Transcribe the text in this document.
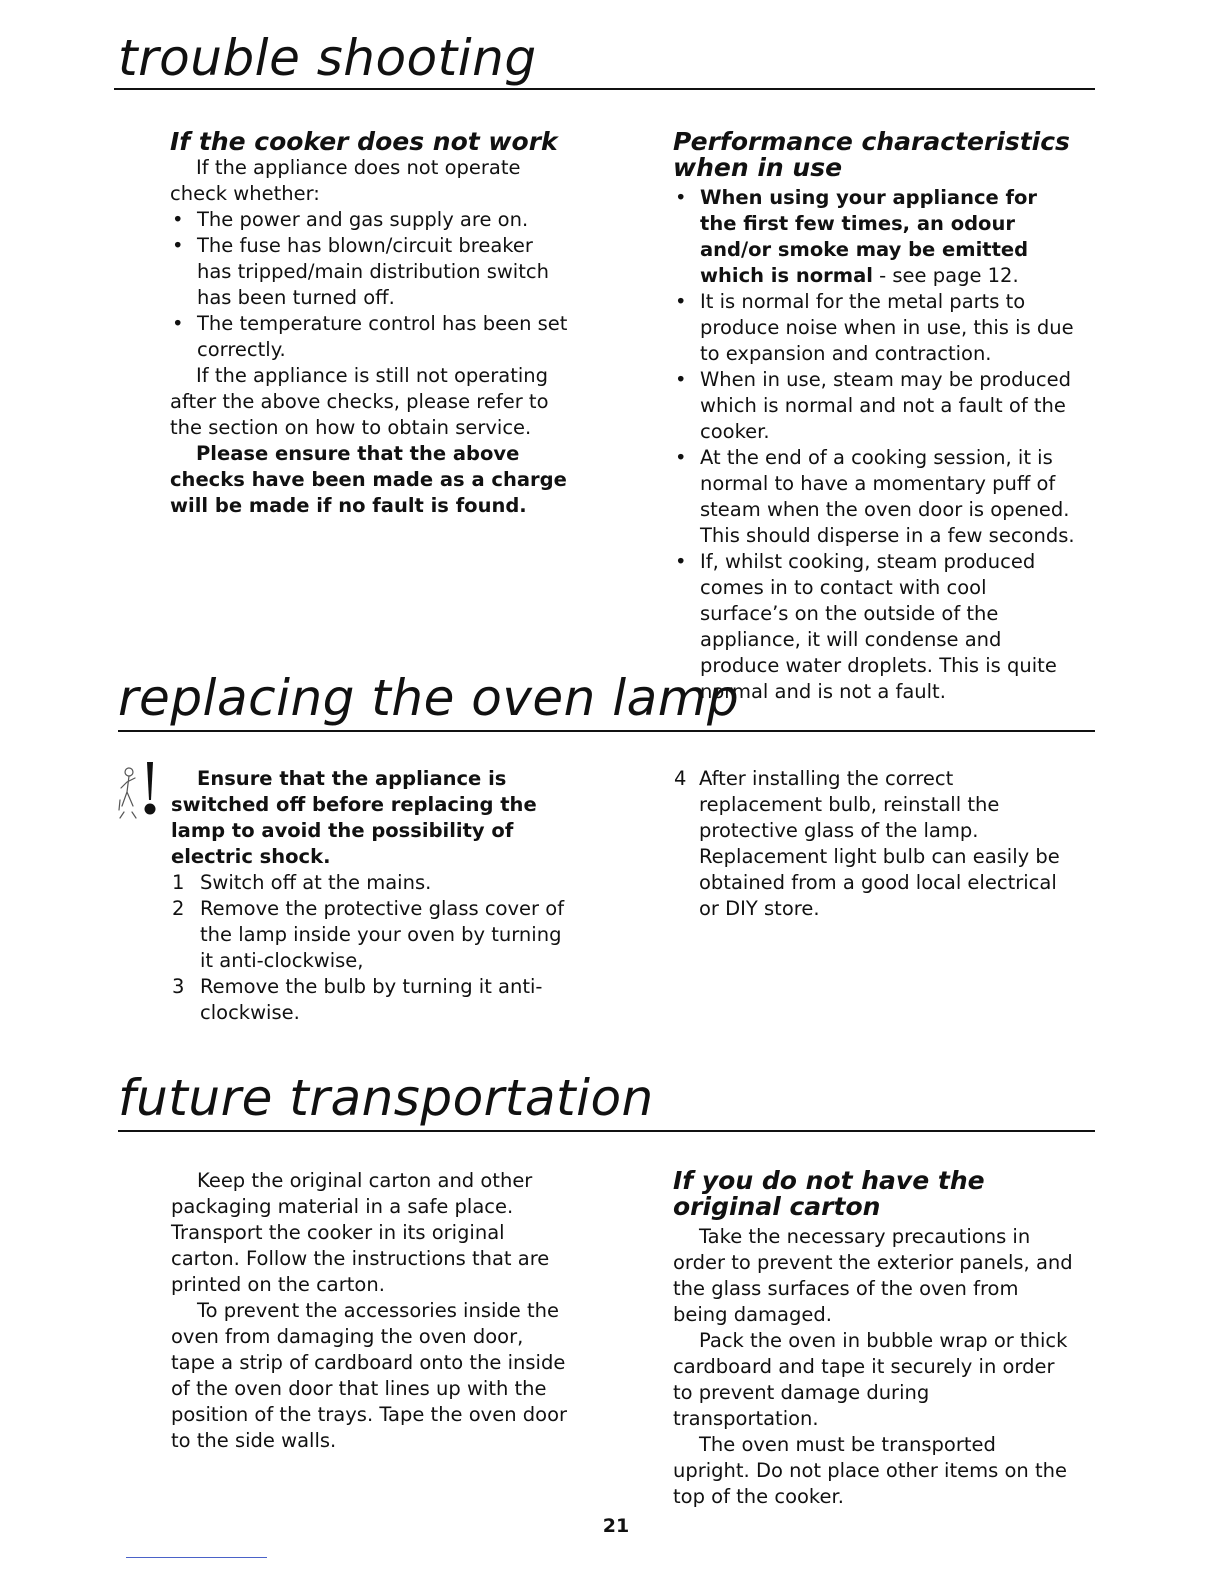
trouble shooting
If the cooker does not work

If the appliance does not operate check whether:

• The power and gas supply are on.
• The fuse has blown/circuit breaker has tripped/main distribution switch has been turned off.
• The temperature control has been set correctly.

If the appliance is still not operating after the above checks, please refer to the section on how to obtain service.

Please ensure that the above checks have been made as a charge will be made if no fault is found.

Performance characteristics when in use
• When using your appliance for the first few times, an odour and/or smoke may be emitted which is normal - see page 12.
• It is normal for the metal parts to produce noise when in use, this is due to expansion and contraction.
• When in use, steam may be produced which is normal and not a fault of the cooker.
• At the end of a cooking session, it is normal to have a momentary puff of steam when the oven door is opened. This should disperse in a few seconds.
• If, whilst cooking, steam produced comes in to contact with cool surface’s on the outside of the appliance, it will condense and produce water droplets. This is quite normal and is not a fault.
replacing the oven lamp

Ensure that the appliance is switched off before replacing the lamp to avoid the possibility of electric shock.

1 Switch off at the mains.
2 Remove the protective glass cover of the lamp inside your oven by turning it anti-clockwise,
3 Remove the bulb by turning it anti-clockwise.
4 After installing the correct replacement bulb, reinstall the protective glass of the lamp.

Replacement light bulb can easily be obtained from a good local electrical or DIY store.

future transportation

Keep the original carton and other packaging material in a safe place. Transport the cooker in its original carton. Follow the instructions that are printed on the carton.

To prevent the accessories inside the oven from damaging the oven door, tape a strip of cardboard onto the inside of the oven door that lines up with the position of the trays. Tape the oven door to the side walls.

If you do not have the original carton

Take the necessary precautions in order to prevent the exterior panels, and the glass surfaces of the oven from being damaged.

Pack the oven in bubble wrap or thick cardboard and tape it securely in order to prevent damage during transportation.

The oven must be transported upright. Do not place other items on the top of the cooker.

21
